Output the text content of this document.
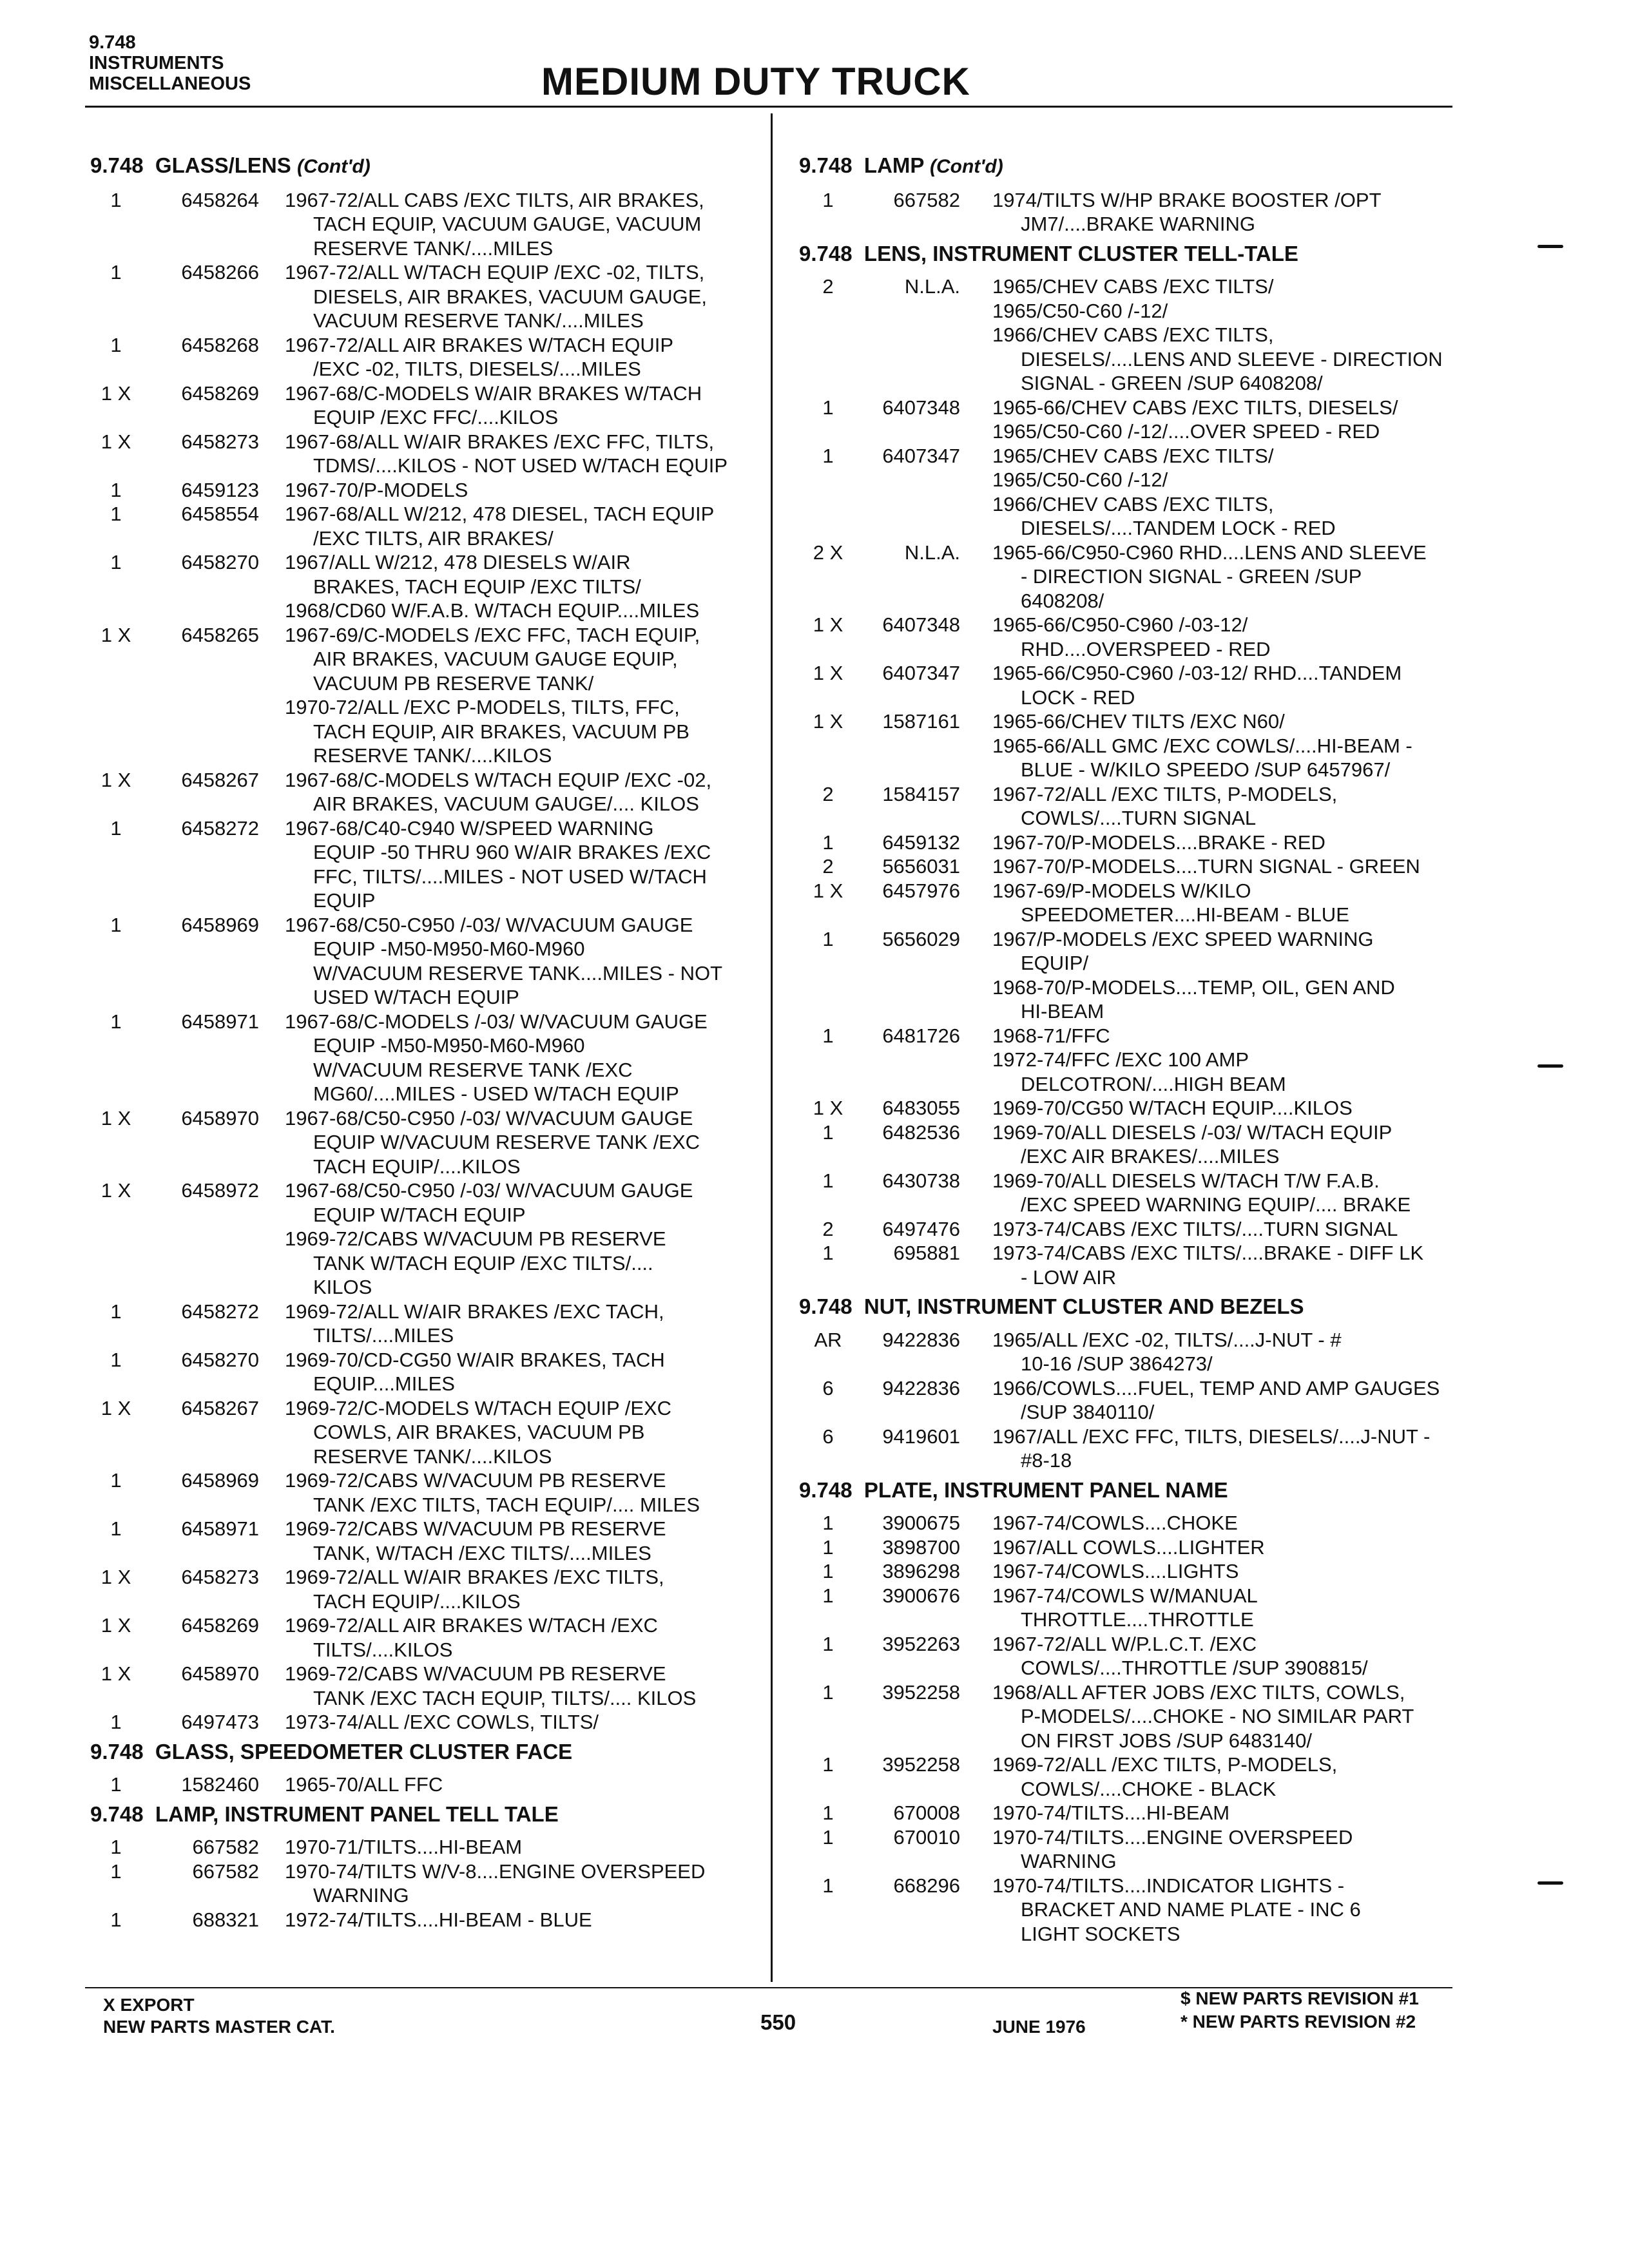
9.748
INSTRUMENTS
MISCELLANEOUS	MEDIUM DUTY TRUCK
9.748  GLASS/LENS (Cont'd)
1	6458264	1967-72/ALL CABS /EXC TILTS, AIR BRAKES,
TACH EQUIP, VACUUM GAUGE, VACUUM
RESERVE TANK/....MILES
1	6458266	1967-72/ALL W/TACH EQUIP /EXC -02, TILTS,
DIESELS, AIR BRAKES, VACUUM GAUGE,
VACUUM RESERVE TANK/....MILES
1	6458268	1967-72/ALL AIR BRAKES W/TACH EQUIP
/EXC -02, TILTS, DIESELS/....MILES
1 X	6458269	1967-68/C-MODELS W/AIR BRAKES W/TACH
EQUIP /EXC FFC/....KILOS
1 X	6458273	1967-68/ALL W/AIR BRAKES /EXC FFC, TILTS,
TDMS/....KILOS - NOT USED W/TACH EQUIP
1	6459123	1967-70/P-MODELS
1	6458554	1967-68/ALL W/212, 478 DIESEL, TACH EQUIP
/EXC TILTS, AIR BRAKES/
1	6458270	1967/ALL W/212, 478 DIESELS W/AIR
BRAKES, TACH EQUIP /EXC TILTS/
1968/CD60 W/F.A.B. W/TACH EQUIP....MILES
1 X	6458265	1967-69/C-MODELS /EXC FFC, TACH EQUIP,
AIR BRAKES, VACUUM GAUGE EQUIP,
VACUUM PB RESERVE TANK/
1970-72/ALL /EXC P-MODELS, TILTS, FFC,
TACH EQUIP, AIR BRAKES, VACUUM PB
RESERVE TANK/....KILOS
1 X	6458267	1967-68/C-MODELS W/TACH EQUIP /EXC -02,
AIR BRAKES, VACUUM GAUGE/.... KILOS
1	6458272	1967-68/C40-C940 W/SPEED WARNING
EQUIP -50 THRU 960 W/AIR BRAKES /EXC
FFC, TILTS/....MILES - NOT USED W/TACH
EQUIP
1	6458969	1967-68/C50-C950 /-03/ W/VACUUM GAUGE
EQUIP -M50-M950-M60-M960
W/VACUUM RESERVE TANK....MILES - NOT
USED W/TACH EQUIP
1	6458971	1967-68/C-MODELS /-03/ W/VACUUM GAUGE
EQUIP -M50-M950-M60-M960
W/VACUUM RESERVE TANK /EXC
MG60/....MILES - USED W/TACH EQUIP
1 X	6458970	1967-68/C50-C950 /-03/ W/VACUUM GAUGE
EQUIP W/VACUUM RESERVE TANK /EXC
TACH EQUIP/....KILOS
1 X	6458972	1967-68/C50-C950 /-03/ W/VACUUM GAUGE
EQUIP W/TACH EQUIP
1969-72/CABS W/VACUUM PB RESERVE
TANK W/TACH EQUIP /EXC TILTS/....
KILOS
1	6458272	1969-72/ALL W/AIR BRAKES /EXC TACH,
TILTS/....MILES
1	6458270	1969-70/CD-CG50 W/AIR BRAKES, TACH
EQUIP....MILES
1 X	6458267	1969-72/C-MODELS W/TACH EQUIP /EXC
COWLS, AIR BRAKES, VACUUM PB
RESERVE TANK/....KILOS
1	6458969	1969-72/CABS W/VACUUM PB RESERVE
TANK /EXC TILTS, TACH EQUIP/.... MILES
1	6458971	1969-72/CABS W/VACUUM PB RESERVE
TANK, W/TACH /EXC TILTS/....MILES
1 X	6458273	1969-72/ALL W/AIR BRAKES /EXC TILTS,
TACH EQUIP/....KILOS
1 X	6458269	1969-72/ALL AIR BRAKES W/TACH /EXC
TILTS/....KILOS
1 X	6458970	1969-72/CABS W/VACUUM PB RESERVE
TANK /EXC TACH EQUIP, TILTS/.... KILOS
1	6497473	1973-74/ALL /EXC COWLS, TILTS/
9.748  GLASS, SPEEDOMETER CLUSTER FACE
1	1582460	1965-70/ALL FFC
9.748  LAMP, INSTRUMENT PANEL TELL TALE
1	667582	1970-71/TILTS....HI-BEAM
1	667582	1970-74/TILTS W/V-8....ENGINE OVERSPEED
WARNING
1	688321	1972-74/TILTS....HI-BEAM - BLUE
9.748  LAMP (Cont'd)
1	667582	1974/TILTS W/HP BRAKE BOOSTER /OPT
JM7/....BRAKE WARNING
9.748  LENS, INSTRUMENT CLUSTER TELL-TALE
2	N.L.A.	1965/CHEV CABS /EXC TILTS/
1965/C50-C60 /-12/
1966/CHEV CABS /EXC TILTS,
DIESELS/....LENS AND SLEEVE - DIRECTION
SIGNAL - GREEN /SUP 6408208/
1	6407348	1965-66/CHEV CABS /EXC TILTS, DIESELS/
1965/C50-C60 /-12/....OVER SPEED - RED
1	6407347	1965/CHEV CABS /EXC TILTS/
1965/C50-C60 /-12/
1966/CHEV CABS /EXC TILTS,
DIESELS/....TANDEM LOCK - RED
2 X	N.L.A.	1965-66/C950-C960 RHD....LENS AND SLEEVE
- DIRECTION SIGNAL - GREEN /SUP
6408208/
1 X	6407348	1965-66/C950-C960 /-03-12/
RHD....OVERSPEED - RED
1 X	6407347	1965-66/C950-C960 /-03-12/ RHD....TANDEM
LOCK - RED
1 X	1587161	1965-66/CHEV TILTS /EXC N60/
1965-66/ALL GMC /EXC COWLS/....HI-BEAM -
BLUE - W/KILO SPEEDO /SUP 6457967/
2	1584157	1967-72/ALL /EXC TILTS, P-MODELS,
COWLS/....TURN SIGNAL
1	6459132	1967-70/P-MODELS....BRAKE - RED
2	5656031	1967-70/P-MODELS....TURN SIGNAL - GREEN
1 X	6457976	1967-69/P-MODELS W/KILO
SPEEDOMETER....HI-BEAM - BLUE
1	5656029	1967/P-MODELS /EXC SPEED WARNING
EQUIP/
1968-70/P-MODELS....TEMP, OIL, GEN AND
HI-BEAM
1	6481726	1968-71/FFC
1972-74/FFC /EXC 100 AMP
DELCOTRON/....HIGH BEAM
1 X	6483055	1969-70/CG50 W/TACH EQUIP....KILOS
1	6482536	1969-70/ALL DIESELS /-03/ W/TACH EQUIP
/EXC AIR BRAKES/....MILES
1	6430738	1969-70/ALL DIESELS W/TACH T/W F.A.B.
/EXC SPEED WARNING EQUIP/.... BRAKE
2	6497476	1973-74/CABS /EXC TILTS/....TURN SIGNAL
1	695881	1973-74/CABS /EXC TILTS/....BRAKE - DIFF LK
- LOW AIR
9.748  NUT, INSTRUMENT CLUSTER AND BEZELS
AR	9422836	1965/ALL /EXC -02, TILTS/....J-NUT - #
10-16 /SUP 3864273/
6	9422836	1966/COWLS....FUEL, TEMP AND AMP GAUGES
/SUP 3840110/
6	9419601	1967/ALL /EXC FFC, TILTS, DIESELS/....J-NUT -
#8-18
9.748  PLATE, INSTRUMENT PANEL NAME
1	3900675	1967-74/COWLS....CHOKE
1	3898700	1967/ALL COWLS....LIGHTER
1	3896298	1967-74/COWLS....LIGHTS
1	3900676	1967-74/COWLS W/MANUAL
THROTTLE....THROTTLE
1	3952263	1967-72/ALL W/P.L.C.T. /EXC
COWLS/....THROTTLE /SUP 3908815/
1	3952258	1968/ALL AFTER JOBS /EXC TILTS, COWLS,
P-MODELS/....CHOKE - NO SIMILAR PART
ON FIRST JOBS /SUP 6483140/
1	3952258	1969-72/ALL /EXC TILTS, P-MODELS,
COWLS/....CHOKE - BLACK
1	670008	1970-74/TILTS....HI-BEAM
1	670010	1970-74/TILTS....ENGINE OVERSPEED
WARNING
1	668296	1970-74/TILTS....INDICATOR LIGHTS -
BRACKET AND NAME PLATE - INC 6
LIGHT SOCKETS
X EXPORT
NEW PARTS MASTER CAT.	550	JUNE 1976
$ NEW PARTS REVISION #1
* NEW PARTS REVISION #2
